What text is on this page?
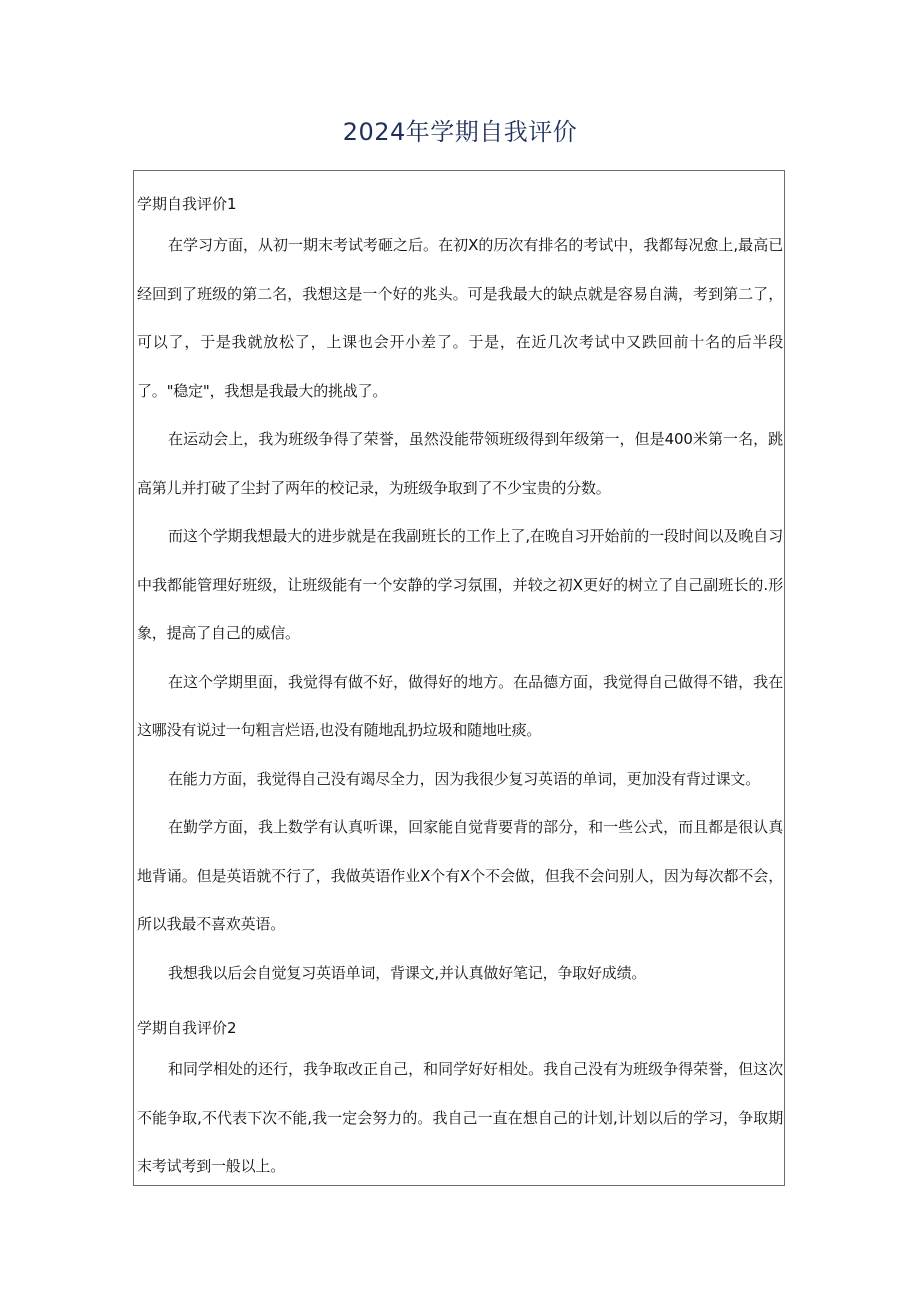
2024年学期自我评价

学期自我评价1

在学习方面，从初一期末考试考砸之后。在初X的历次有排名的考试中，我都每况愈上,最高已经回到了班级的第二名，我想这是一个好的兆头。可是我最大的缺点就是容易自满，考到第二了，可以了，于是我就放松了，上课也会开小差了。于是，在近几次考试中又跌回前十名的后半段了。"稳定"，我想是我最大的挑战了。

在运动会上，我为班级争得了荣誉，虽然没能带领班级得到年级第一，但是400米第一名，跳高第儿并打破了尘封了两年的校记录，为班级争取到了不少宝贵的分数。

而这个学期我想最大的进步就是在我副班长的工作上了,在晚自习开始前的一段时间以及晚自习中我都能管理好班级，让班级能有一个安静的学习氛围，并较之初X更好的树立了自己副班长的.形象，提高了自己的威信。

在这个学期里面，我觉得有做不好，做得好的地方。在品德方面，我觉得自己做得不错，我在这哪没有说过一句粗言烂语,也没有随地乱扔垃圾和随地吐痰。

在能力方面，我觉得自己没有竭尽全力，因为我很少复习英语的单词，更加没有背过课文。

在勤学方面，我上数学有认真听课，回家能自觉背要背的部分，和一些公式，而且都是很认真地背诵。但是英语就不行了，我做英语作业X个有X个不会做，但我不会问别人，因为每次都不会，所以我最不喜欢英语。

我想我以后会自觉复习英语单词，背课文,并认真做好笔记，争取好成绩。

学期自我评价2

和同学相处的还行，我争取改正自己，和同学好好相处。我自己没有为班级争得荣誉，但这次不能争取,不代表下次不能,我一定会努力的。我自己一直在想自己的计划,计划以后的学习，争取期末考试考到一般以上。
